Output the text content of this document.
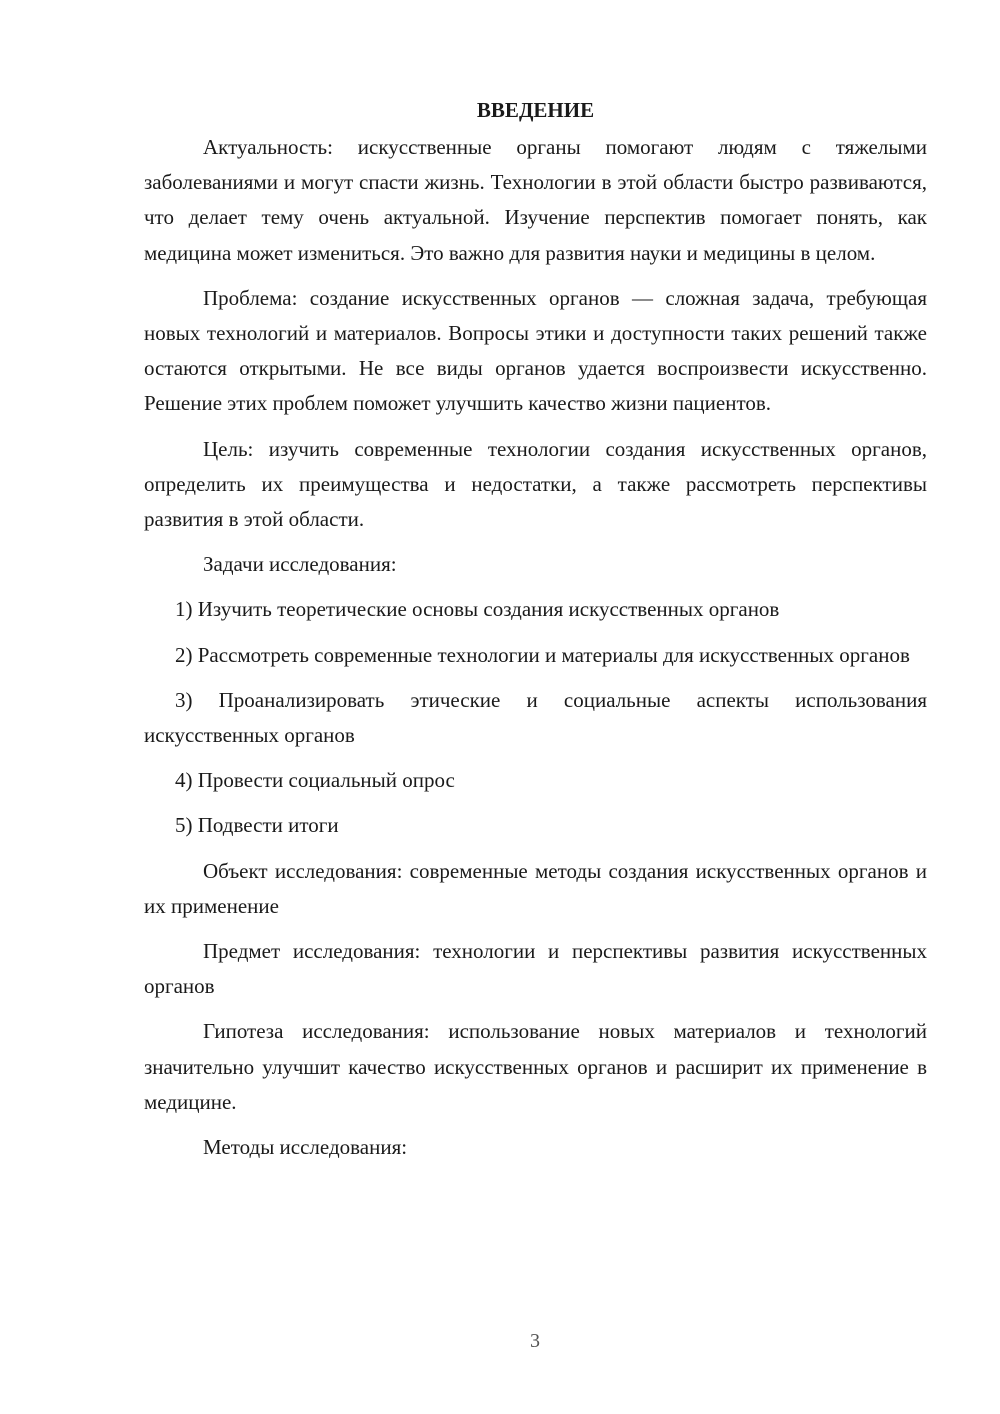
ВВЕДЕНИЕ

Актуальность: искусственные органы помогают людям с тяжелыми заболеваниями и могут спасти жизнь. Технологии в этой области быстро развиваются, что делает тему очень актуальной. Изучение перспектив помогает понять, как медицина может измениться. Это важно для развития науки и медицины в целом.

Проблема: создание искусственных органов — сложная задача, требующая новых технологий и материалов. Вопросы этики и доступности таких решений также остаются открытыми. Не все виды органов удается воспроизвести искусственно. Решение этих проблем поможет улучшить качество жизни пациентов.

Цель: изучить современные технологии создания искусственных органов, определить их преимущества и недостатки, а также рассмотреть перспективы развития в этой области.

Задачи исследования:

1) Изучить теоретические основы создания искусственных органов

2) Рассмотреть современные технологии и материалы для искусственных органов

3) Проанализировать этические и социальные аспекты использования искусственных органов

4) Провести социальный опрос

5) Подвести итоги

Объект исследования: современные методы создания искусственных органов и их применение

Предмет исследования: технологии и перспективы развития искусственных органов

Гипотеза исследования: использование новых материалов и технологий значительно улучшит качество искусственных органов и расширит их применение в медицине.

Методы исследования:

3
